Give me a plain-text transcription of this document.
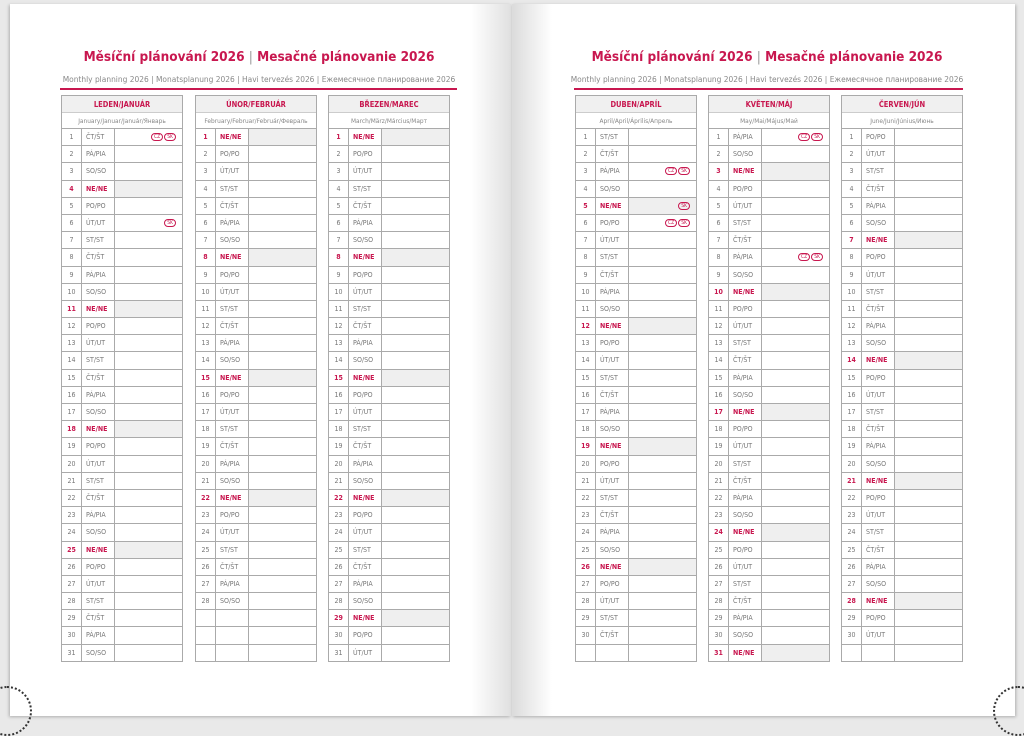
Měsíční plánování 2026 | Mesačné plánovanie 2026
Monthly planning 2026 | Monatsplanung 2026 | Havi tervezés 2026 | Ежемесячное планирование 2026
LEDEN/JANUÁR
January/Januar/Január/Январь
1	ČT/ŠT	CZ	SK
2	PÁ/PIA
3	SO/SO
4	NE/NE
5	PO/PO
6	ÚT/UT	SK
7	ST/ST
8	ČT/ŠT
9	PÁ/PIA
10	SO/SO
11	NE/NE
12	PO/PO
13	ÚT/UT
14	ST/ST
15	ČT/ŠT
16	PÁ/PIA
17	SO/SO
18	NE/NE
19	PO/PO
20	ÚT/UT
21	ST/ST
22	ČT/ŠT
23	PÁ/PIA
24	SO/SO
25	NE/NE
26	PO/PO
27	ÚT/UT
28	ST/ST
29	ČT/ŠT
30	PÁ/PIA
31	SO/SO
ÚNOR/FEBRUÁR
February/Februar/Február/Февраль
1	NE/NE
2	PO/PO
3	ÚT/UT
4	ST/ST
5	ČT/ŠT
6	PÁ/PIA
7	SO/SO
8	NE/NE
9	PO/PO
10	ÚT/UT
11	ST/ST
12	ČT/ŠT
13	PÁ/PIA
14	SO/SO
15	NE/NE
16	PO/PO
17	ÚT/UT
18	ST/ST
19	ČT/ŠT
20	PÁ/PIA
21	SO/SO
22	NE/NE
23	PO/PO
24	ÚT/UT
25	ST/ST
26	ČT/ŠT
27	PÁ/PIA
28	SO/SO
BŘEZEN/MAREC
March/März/Március/Март
1	NE/NE
2	PO/PO
3	ÚT/UT
4	ST/ST
5	ČT/ŠT
6	PÁ/PIA
7	SO/SO
8	NE/NE
9	PO/PO
10	ÚT/UT
11	ST/ST
12	ČT/ŠT
13	PÁ/PIA
14	SO/SO
15	NE/NE
16	PO/PO
17	ÚT/UT
18	ST/ST
19	ČT/ŠT
20	PÁ/PIA
21	SO/SO
22	NE/NE
23	PO/PO
24	ÚT/UT
25	ST/ST
26	ČT/ŠT
27	PÁ/PIA
28	SO/SO
29	NE/NE
30	PO/PO
31	ÚT/UT
Měsíční plánování 2026 | Mesačné plánovanie 2026
Monthly planning 2026 | Monatsplanung 2026 | Havi tervezés 2026 | Ежемесячное планирование 2026
DUBEN/APRÍL
April/April/Április/Апрель
1	ST/ST
2	ČT/ŠT
3	PÁ/PIA	CZ	SK
4	SO/SO
5	NE/NE	SK
6	PO/PO	CZ	SK
7	ÚT/UT
8	ST/ST
9	ČT/ŠT
10	PÁ/PIA
11	SO/SO
12	NE/NE
13	PO/PO
14	ÚT/UT
15	ST/ST
16	ČT/ŠT
17	PÁ/PIA
18	SO/SO
19	NE/NE
20	PO/PO
21	ÚT/UT
22	ST/ST
23	ČT/ŠT
24	PÁ/PIA
25	SO/SO
26	NE/NE
27	PO/PO
28	ÚT/UT
29	ST/ST
30	ČT/ŠT
KVĚTEN/MÁJ
May/Mai/Május/Май
1	PÁ/PIA	CZ	SK
2	SO/SO
3	NE/NE
4	PO/PO
5	ÚT/UT
6	ST/ST
7	ČT/ŠT
8	PÁ/PIA	CZ	SK
9	SO/SO
10	NE/NE
11	PO/PO
12	ÚT/UT
13	ST/ST
14	ČT/ŠT
15	PÁ/PIA
16	SO/SO
17	NE/NE
18	PO/PO
19	ÚT/UT
20	ST/ST
21	ČT/ŠT
22	PÁ/PIA
23	SO/SO
24	NE/NE
25	PO/PO
26	ÚT/UT
27	ST/ST
28	ČT/ŠT
29	PÁ/PIA
30	SO/SO
31	NE/NE
ČERVEN/JÚN
June/Juni/Június/Июнь
1	PO/PO
2	ÚT/UT
3	ST/ST
4	ČT/ŠT
5	PÁ/PIA
6	SO/SO
7	NE/NE
8	PO/PO
9	ÚT/UT
10	ST/ST
11	ČT/ŠT
12	PÁ/PIA
13	SO/SO
14	NE/NE
15	PO/PO
16	ÚT/UT
17	ST/ST
18	ČT/ŠT
19	PÁ/PIA
20	SO/SO
21	NE/NE
22	PO/PO
23	ÚT/UT
24	ST/ST
25	ČT/ŠT
26	PÁ/PIA
27	SO/SO
28	NE/NE
29	PO/PO
30	ÚT/UT
